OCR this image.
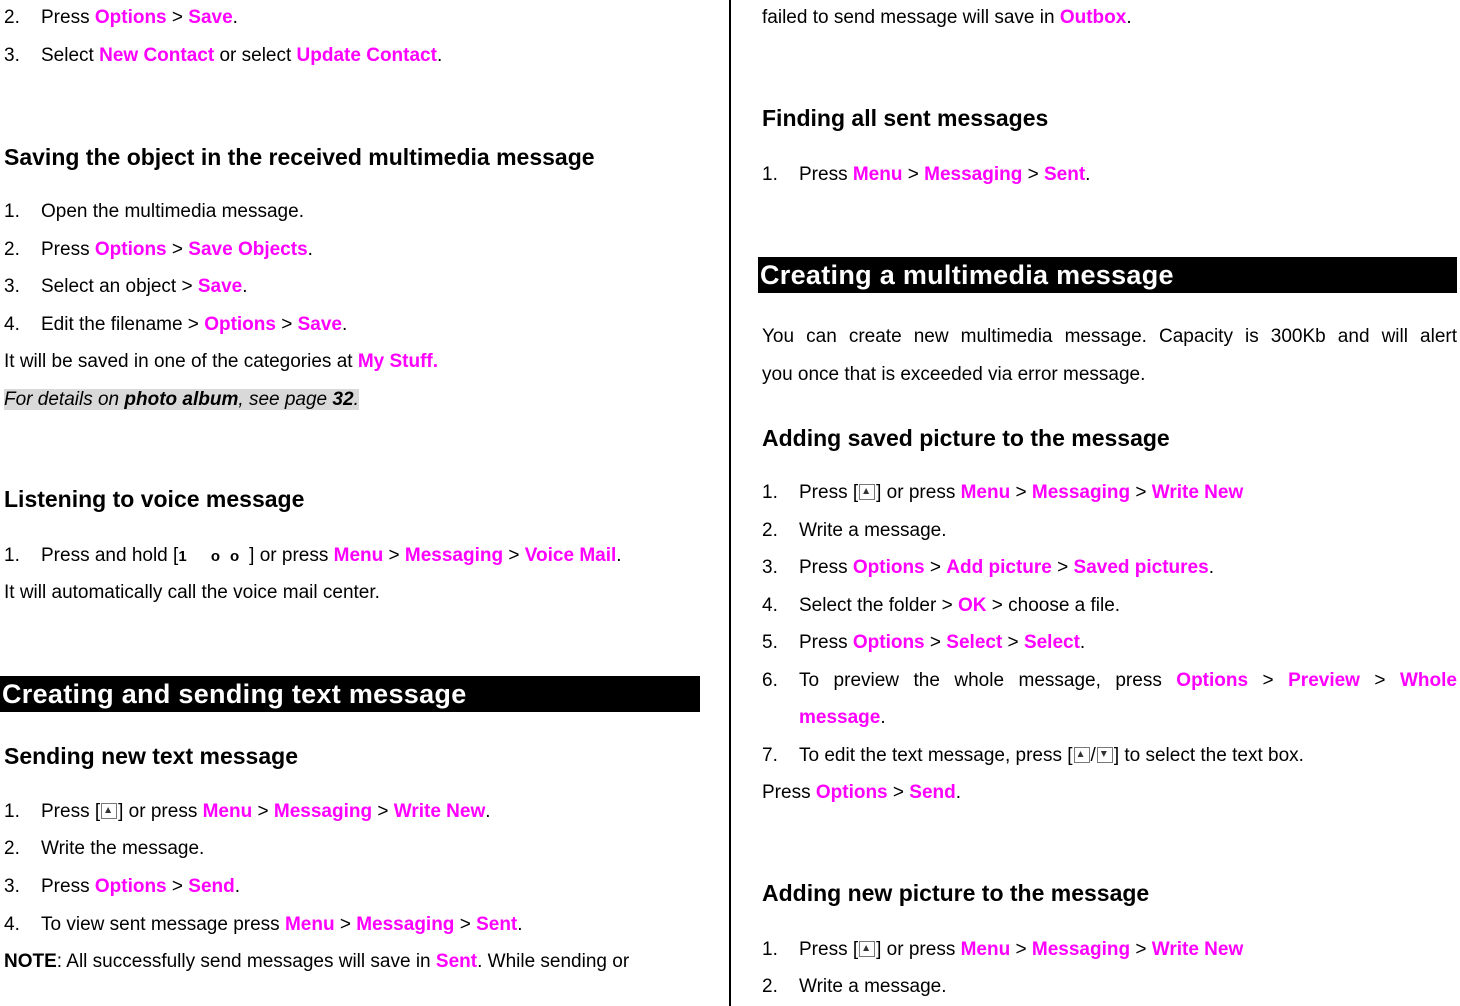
2. Press Options > Save.
3. Select New Contact or select Update Contact.
Saving the object in the received multimedia message
1. Open the multimedia message.
2. Press Options > Save Objects.
3. Select an object > Save.
4. Edit the filename > Options > Save.
It will be saved in one of the categories at My Stuff.
For details on photo album, see page 32.
Listening to voice message
1. Press and hold [1 oo] or press Menu > Messaging > Voice Mail.
It will automatically call the voice mail center.
Creating and sending text message
Sending new text message
1. Press [ ] or press Menu > Messaging > Write New.
2. Write the message.
3. Press Options > Send.
4. To view sent message press Menu > Messaging > Sent.
NOTE: All successfully send messages will save in Sent. While sending or
failed to send message will save in Outbox.
Finding all sent messages
1. Press Menu > Messaging > Sent.
Creating a multimedia message
You can create new multimedia message. Capacity is 300Kb and will alert
you once that is exceeded via error message.
Adding saved picture to the message
1. Press [ ] or press Menu > Messaging > Write New
2. Write a message.
3. Press Options > Add picture > Saved pictures.
4. Select the folder > OK > choose a file.
5. Press Options > Select > Select.
6. To preview the whole message, press Options > Preview > Whole
message.
7. To edit the text message, press [ / ] to select the text box.
Press Options > Send.
Adding new picture to the message
1. Press [ ] or press Menu > Messaging > Write New
2. Write a message.
